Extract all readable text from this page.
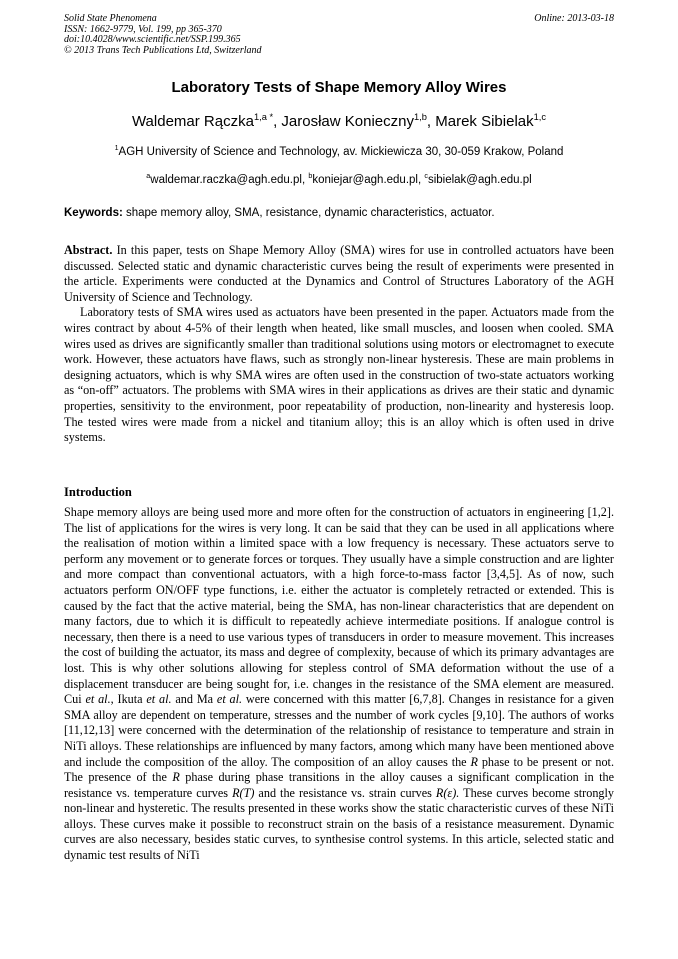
Solid State Phenomena
ISSN: 1662-9779, Vol. 199, pp 365-370
doi:10.4028/www.scientific.net/SSP.199.365
© 2013 Trans Tech Publications Ltd, Switzerland
Online: 2013-03-18
Laboratory Tests of Shape Memory Alloy Wires
Waldemar Rączka$^{1,a *}$, Jarosław Konieczny$^{1,b}$, Marek Sibielak$^{1,c}$
$^1$AGH University of Science and Technology, av. Mickiewicza 30, 30-059 Krakow, Poland
$^a$waldemar.raczka@agh.edu.pl, $^b$koniejar@agh.edu.pl, $^c$sibielak@agh.edu.pl
Keywords: shape memory alloy, SMA, resistance, dynamic characteristics, actuator.

Abstract. In this paper, tests on Shape Memory Alloy (SMA) wires for use in controlled actuators have been discussed. Selected static and dynamic characteristic curves being the result of experiments were presented in the article. Experiments were conducted at the Dynamics and Control of Structures Laboratory of the AGH University of Science and Technology.

Laboratory tests of SMA wires used as actuators have been presented in the paper. Actuators made from the wires contract by about 4-5% of their length when heated, like small muscles, and loosen when cooled. SMA wires used as drives are significantly smaller than traditional solutions using motors or electromagnet to execute work. However, these actuators have flaws, such as strongly non-linear hysteresis. These are main problems in designing actuators, which is why SMA wires are often used in the construction of two-state actuators working as “on-off” actuators. The problems with SMA wires in their applications as drives are their static and dynamic properties, sensitivity to the environment, poor repeatability of production, non-linearity and hysteresis loop. The tested wires were made from a nickel and titanium alloy; this is an alloy which is often used in drive systems.

Introduction

Shape memory alloys are being used more and more often for the construction of actuators in engineering [1,2]. The list of applications for the wires is very long. It can be said that they can be used in all applications where the realisation of motion within a limited space with a low frequency is necessary. These actuators serve to perform any movement or to generate forces or torques. They usually have a simple construction and are lighter and more compact than conventional actuators, with a high force-to-mass factor [3,4,5]. As of now, such actuators perform ON/OFF type functions, i.e. either the actuator is completely retracted or extended. This is caused by the fact that the active material, being the SMA, has non-linear characteristics that are dependent on many factors, due to which it is difficult to repeatedly achieve intermediate positions. If analogue control is necessary, then there is a need to use various types of transducers in order to measure movement. This increases the cost of building the actuator, its mass and degree of complexity, because of which its primary advantages are lost. This is why other solutions allowing for stepless control of SMA deformation without the use of a displacement transducer are being sought for, i.e. changes in the resistance of the SMA element are measured. Cui et al., Ikuta et al. and Ma et al. were concerned with this matter [6,7,8]. Changes in resistance for a given SMA alloy are dependent on temperature, stresses and the number of work cycles [9,10]. The authors of works [11,12,13] were concerned with the determination of the relationship of resistance to temperature and strain in NiTi alloys. These relationships are influenced by many factors, among which many have been mentioned above and include the composition of the alloy. The composition of an alloy causes the R phase to be present or not. The presence of the R phase during phase transitions in the alloy causes a significant complication in the resistance vs. temperature curves R(T) and the resistance vs. strain curves R(ε). These curves become strongly non-linear and hysteretic. The results presented in these works show the static characteristic curves of these NiTi alloys. These curves make it possible to reconstruct strain on the basis of a resistance measurement. Dynamic curves are also necessary, besides static curves, to synthesise control systems. In this article, selected static and dynamic test results of NiTi
